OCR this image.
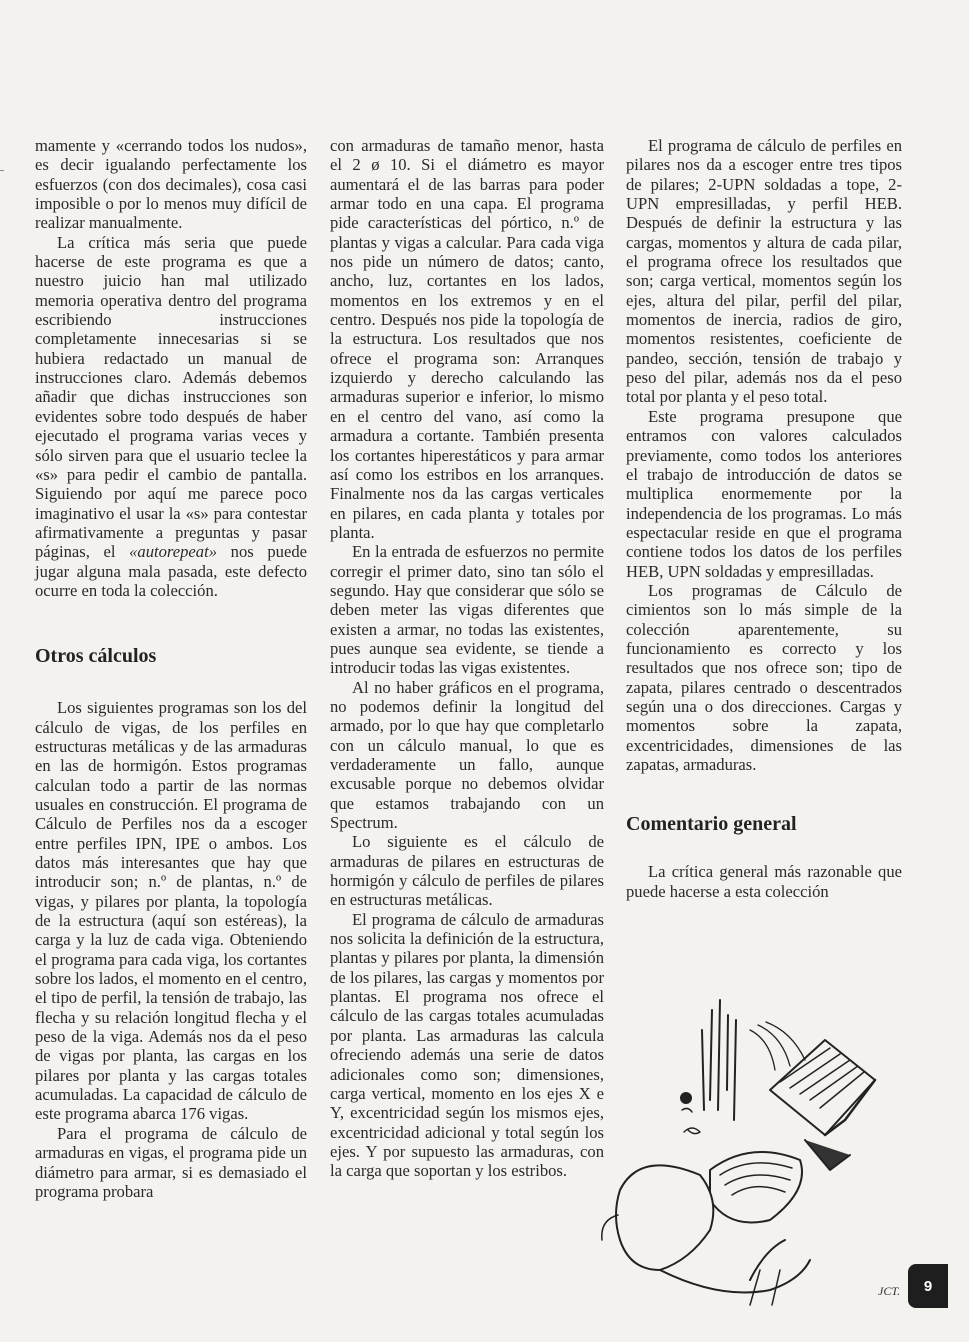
mamente y «cerrando todos los nudos», es decir igualando perfectamente los esfuerzos (con dos decimales), cosa casi imposible o por lo menos muy difícil de realizar manualmente.

La crítica más seria que puede hacerse de este programa es que a nuestro juicio han mal utilizado memoria operativa dentro del programa escribiendo instrucciones completamente innecesarias si se hubiera redactado un manual de instrucciones claro. Además debemos añadir que dichas instrucciones son evidentes sobre todo después de haber ejecutado el programa varias veces y sólo sirven para que el usuario teclee la «s» para pedir el cambio de pantalla. Siguiendo por aquí me parece poco imaginativo el usar la «s» para contestar afirmativamente a preguntas y pasar páginas, el «autorepeat» nos puede jugar alguna mala pasada, este defecto ocurre en toda la colección.

Otros cálculos

Los siguientes programas son los del cálculo de vigas, de los perfiles en estructuras metálicas y de las armaduras en las de hormigón. Estos programas calculan todo a partir de las normas usuales en construcción. El programa de Cálculo de Perfiles nos da a escoger entre perfiles IPN, IPE o ambos. Los datos más interesantes que hay que introducir son; n.º de plantas, n.º de vigas, y pilares por planta, la topología de la estructura (aquí son estéreas), la carga y la luz de cada viga. Obteniendo el programa para cada viga, los cortantes sobre los lados, el momento en el centro, el tipo de perfil, la tensión de trabajo, las flecha y su relación longitud flecha y el peso de la viga. Además nos da el peso de vigas por planta, las cargas en los pilares por planta y las cargas totales acumuladas. La capacidad de cálculo de este programa abarca 176 vigas.

Para el programa de cálculo de armaduras en vigas, el programa pide un diámetro para armar, si es demasiado el programa probara

con armaduras de tamaño menor, hasta el 2 ø 10. Si el diámetro es mayor aumentará el de las barras para poder armar todo en una capa. El programa pide características del pórtico, n.º de plantas y vigas a calcular. Para cada viga nos pide un número de datos; canto, ancho, luz, cortantes en los lados, momentos en los extremos y en el centro. Después nos pide la topología de la estructura. Los resultados que nos ofrece el programa son: Arranques izquierdo y derecho calculando las armaduras superior e inferior, lo mismo en el centro del vano, así como la armadura a cortante. También presenta los cortantes hiperestáticos y para armar así como los estribos en los arranques. Finalmente nos da las cargas verticales en pilares, en cada planta y totales por planta.

En la entrada de esfuerzos no permite corregir el primer dato, sino tan sólo el segundo. Hay que considerar que sólo se deben meter las vigas diferentes que existen a armar, no todas las existentes, pues aunque sea evidente, se tiende a introducir todas las vigas existentes.

Al no haber gráficos en el programa, no podemos definir la longitud del armado, por lo que hay que completarlo con un cálculo manual, lo que es verdaderamente un fallo, aunque excusable porque no debemos olvidar que estamos trabajando con un Spectrum.

Lo siguiente es el cálculo de armaduras de pilares en estructuras de hormigón y cálculo de perfiles de pilares en estructuras metálicas.

El programa de cálculo de armaduras nos solicita la definición de la estructura, plantas y pilares por planta, la dimensión de los pilares, las cargas y momentos por plantas. El programa nos ofrece el cálculo de las cargas totales acumuladas por planta. Las armaduras las calcula ofreciendo además una serie de datos adicionales como son; dimensiones, carga vertical, momento en los ejes X e Y, excentricidad según los mismos ejes, excentricidad adicional y total según los ejes. Y por supuesto las armaduras, con la carga que soportan y los estribos.

El programa de cálculo de perfiles en pilares nos da a escoger entre tres tipos de pilares; 2-UPN soldadas a tope, 2-UPN empresilladas, y perfil HEB. Después de definir la estructura y las cargas, momentos y altura de cada pilar, el programa ofrece los resultados que son; carga vertical, momentos según los ejes, altura del pilar, perfil del pilar, momentos de inercia, radios de giro, momentos resistentes, coeficiente de pandeo, sección, tensión de trabajo y peso del pilar, además nos da el peso total por planta y el peso total.

Este programa presupone que entramos con valores calculados previamente, como todos los anteriores el trabajo de introducción de datos se multiplica enormemente por la independencia de los programas. Lo más espectacular reside en que el programa contiene todos los datos de los perfiles HEB, UPN soldadas y empresilladas.

Los programas de Cálculo de cimientos son lo más simple de la colección aparentemente, su funcionamiento es correcto y los resultados que nos ofrece son; tipo de zapata, pilares centrado o descentrados según una o dos direcciones. Cargas y momentos sobre la zapata, excentricidades, dimensiones de las zapatas, armaduras.

Comentario general

La crítica general más razonable que puede hacerse a esta colección

JCT.	9
